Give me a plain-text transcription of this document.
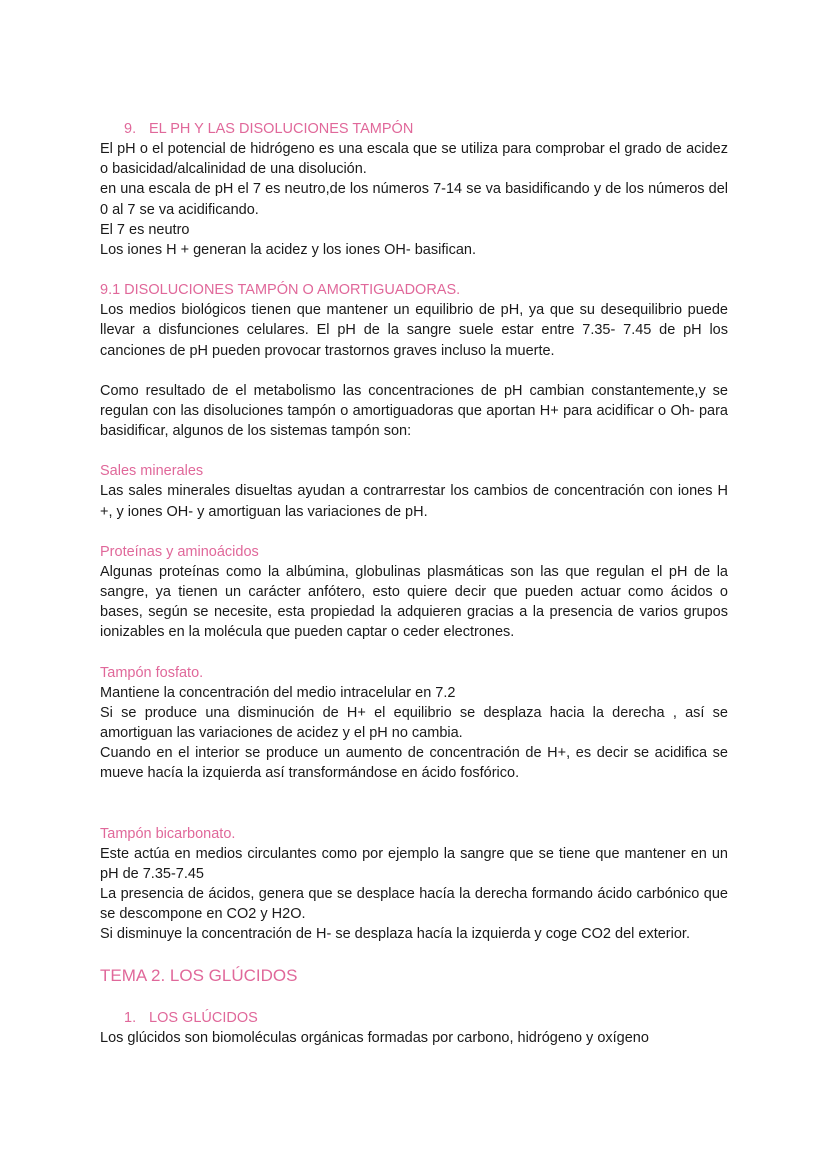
9. EL PH Y LAS DISOLUCIONES TAMPÓN

El pH o el potencial de hidrógeno es una escala que se utiliza para comprobar el grado de acidez o basicidad/alcalinidad de una disolución.

en una escala de pH el 7 es neutro,de los números 7-14 se va basidificando y de los números del 0 al 7 se va acidificando.

El 7 es neutro

Los iones H + generan la acidez y los iones OH- basifican.

9.1 DISOLUCIONES TAMPÓN O AMORTIGUADORAS.

Los medios biológicos tienen que mantener un equilibrio de pH, ya que su desequilibrio puede llevar a disfunciones celulares. El pH de la sangre suele estar entre 7.35- 7.45 de pH los canciones de pH pueden provocar trastornos graves incluso la muerte.

Como resultado de el metabolismo las concentraciones de pH cambian constantemente,y se regulan con las disoluciones tampón o amortiguadoras que aportan H+ para acidificar o Oh- para basidificar, algunos de los sistemas tampón son:

Sales minerales

Las sales minerales disueltas ayudan a contrarrestar los cambios de concentración con iones H +, y iones OH- y amortiguan las variaciones de pH.

Proteínas y aminoácidos

Algunas proteínas como la albúmina, globulinas plasmáticas son las que regulan el pH de la sangre, ya tienen un carácter anfótero, esto quiere decir que pueden actuar como ácidos o bases, según se necesite, esta propiedad la adquieren gracias a la presencia de varios grupos ionizables en la molécula que pueden captar o ceder electrones.

Tampón fosfato.

Mantiene la concentración del medio intracelular en 7.2

Si se produce una disminución de H+ el equilibrio se desplaza hacia la derecha , así se amortiguan las variaciones de acidez y el pH no cambia.

Cuando en el interior se produce un aumento de concentración de H+, es decir se acidifica se mueve hacía la izquierda así transformándose en ácido fosfórico.

Tampón bicarbonato.

Este actúa en medios circulantes como por ejemplo la sangre que se tiene que mantener en un pH de 7.35-7.45

La presencia de ácidos, genera que se desplace hacía la derecha formando ácido carbónico que se descompone en CO2 y H2O.

Si disminuye la concentración de H- se desplaza hacía la izquierda y coge CO2 del exterior.

TEMA 2. LOS GLÚCIDOS
1. LOS GLÚCIDOS

Los glúcidos son biomoléculas orgánicas formadas por carbono, hidrógeno y oxígeno
